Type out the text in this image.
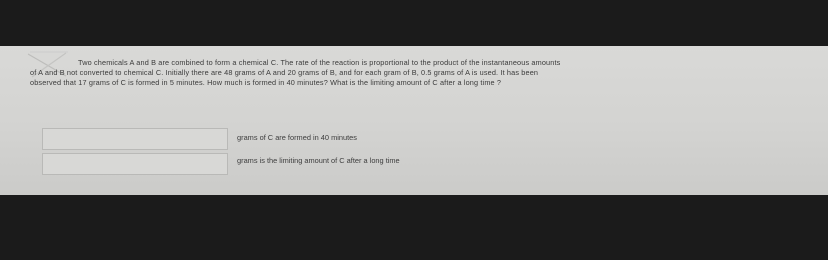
Two chemicals A and B are combined to form a chemical C. The rate of the reaction is proportional to the product of the instantaneous amounts
of A and B not converted to chemical C. Initially there are 48 grams of A and 20 grams of B, and for each gram of B, 0.5 grams of A is used. It has been
observed that 17 grams of C is formed in 5 minutes. How much is formed in 40 minutes? What is the limiting amount of C after a long time ?
grams of C are formed in 40 minutes
grams is the limiting amount of C after a long time
